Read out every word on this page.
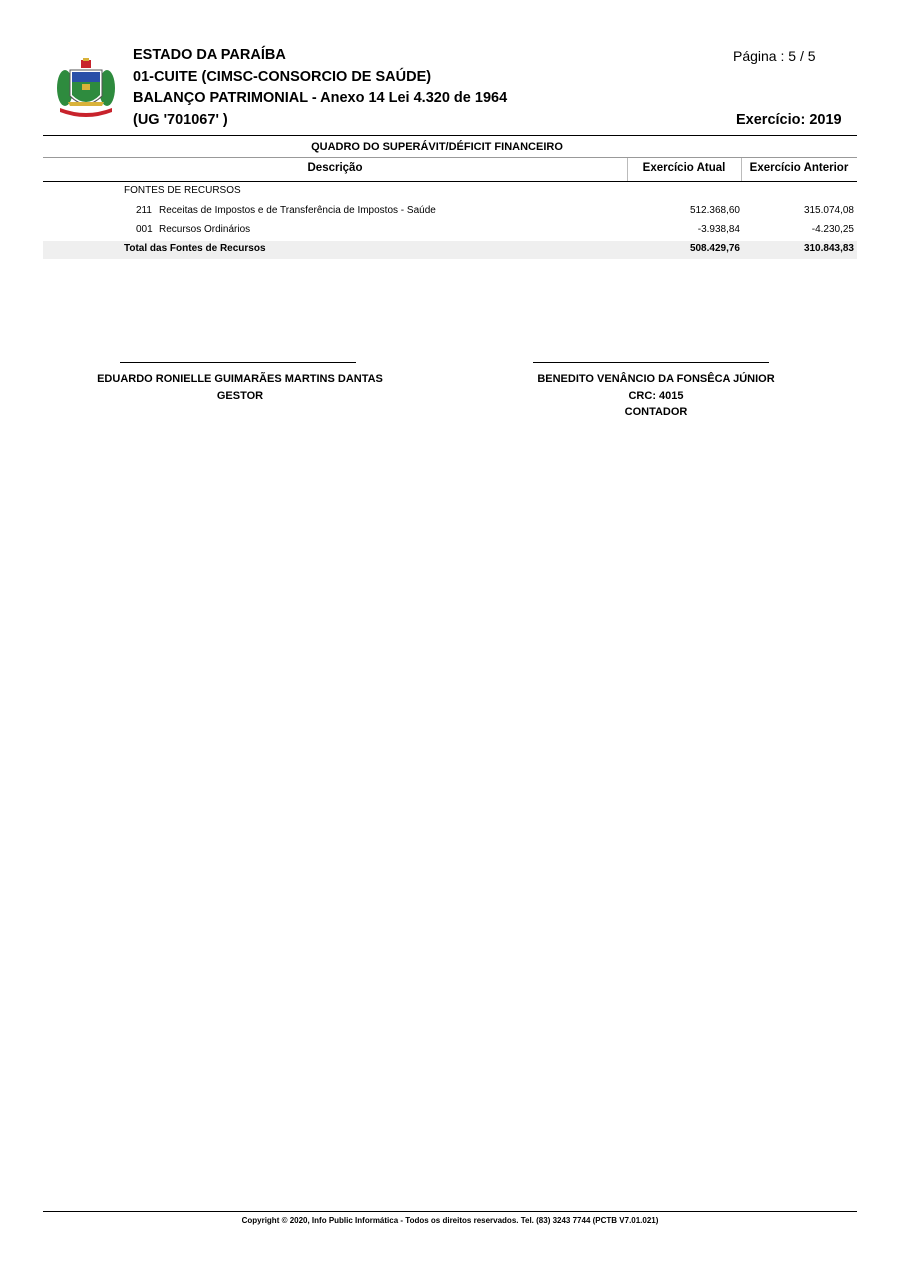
ESTADO DA PARAÍBA
01-CUITE (CIMSC-CONSORCIO DE SAÚDE)
BALANÇO PATRIMONIAL - Anexo 14 Lei 4.320 de 1964
(UG '701067' )
Página : 5 / 5
Exercício: 2019
QUADRO DO SUPERÁVIT/DÉFICIT FINANCEIRO
Descrição	Exercício Atual	Exercício Anterior
FONTES DE RECURSOS
211 Receitas de Impostos e de Transferência de Impostos - Saúde	512.368,60	315.074,08
001 Recursos Ordinários	-3.938,84	-4.230,25
Total das Fontes de Recursos	508.429,76	310.843,83
EDUARDO RONIELLE GUIMARÃES MARTINS DANTAS
GESTOR
BENEDITO VENÂNCIO DA FONSÊCA JÚNIOR
CRC: 4015
CONTADOR
Copyright © 2020, Info Public Informática - Todos os direitos reservados. Tel. (83) 3243 7744 (PCTB V7.01.021)
